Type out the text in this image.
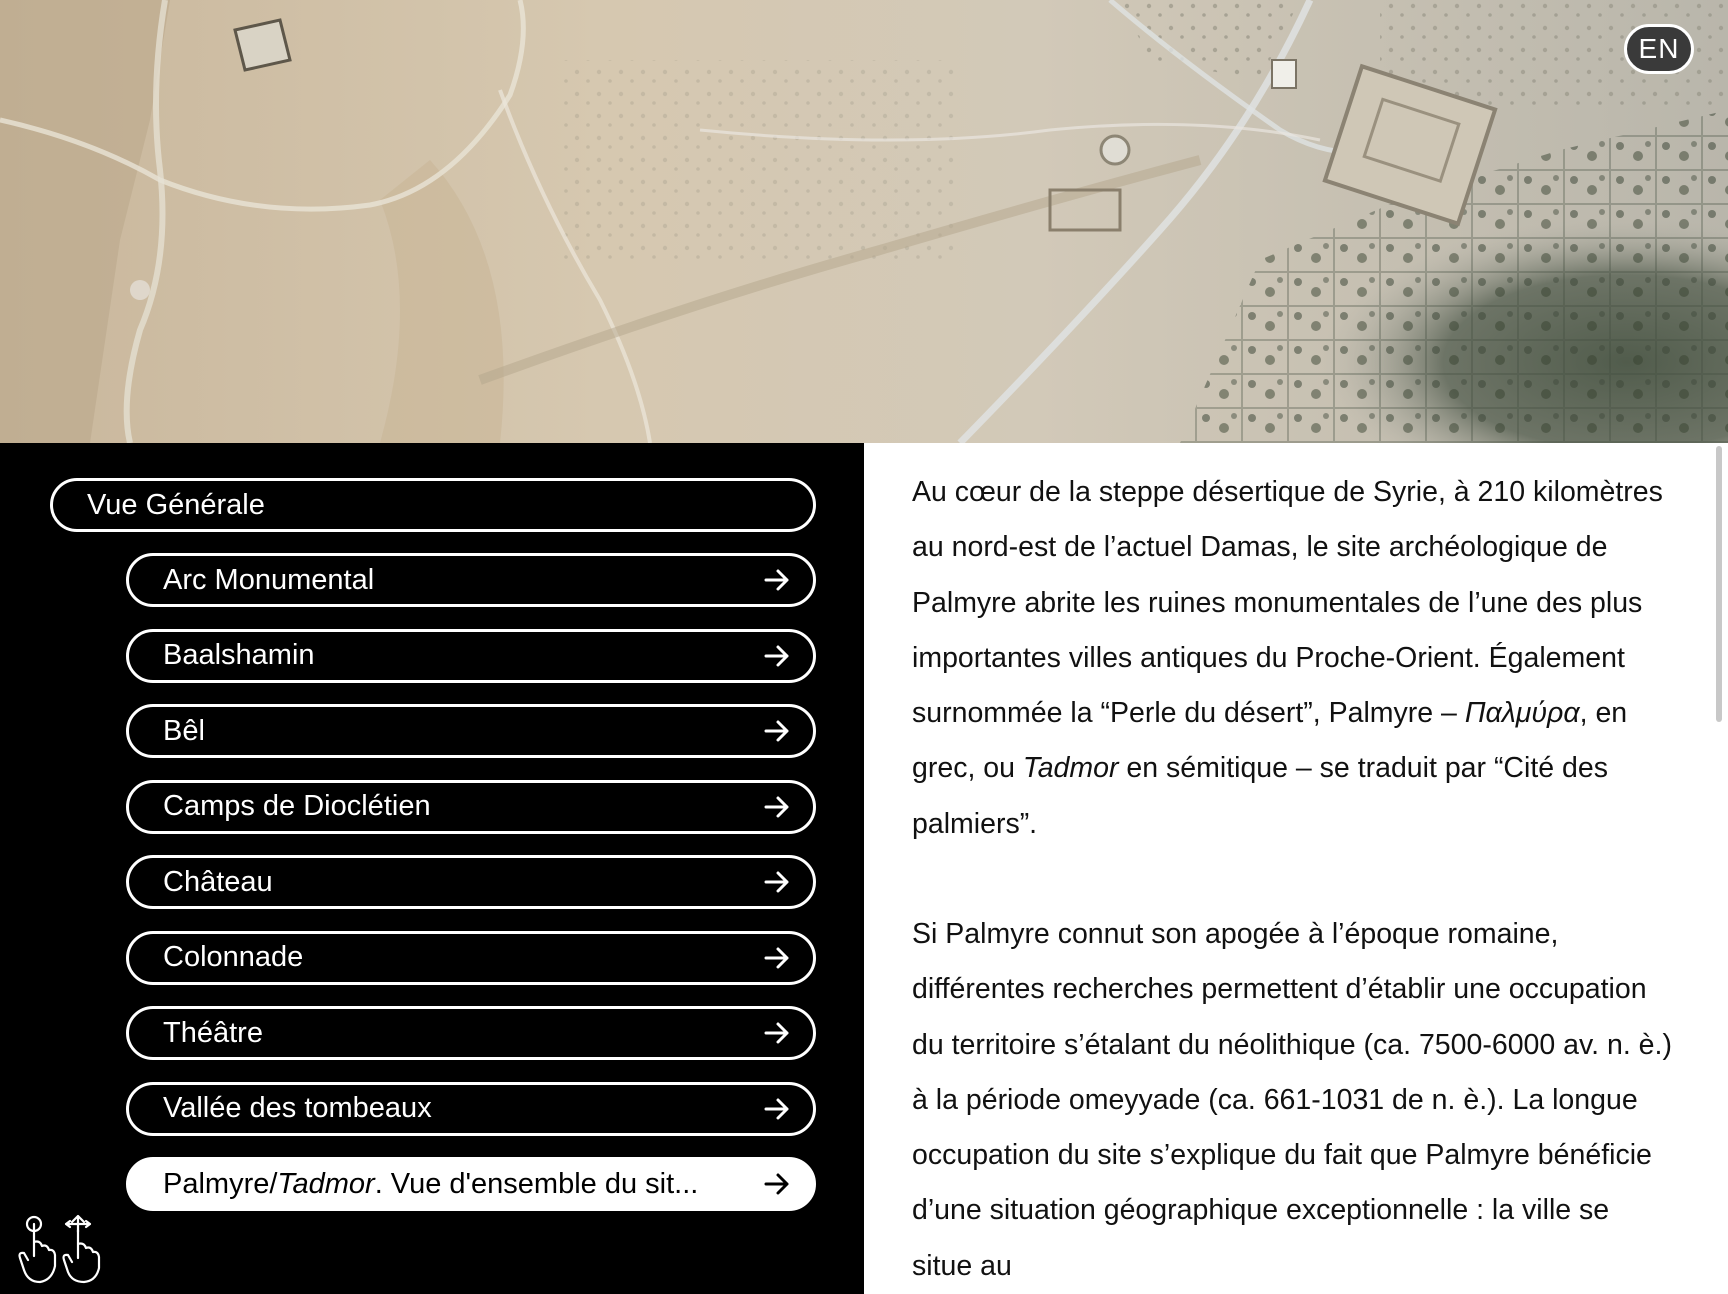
EN
Vue Générale
Arc Monumental
Baalshamin
Bêl
Camps de Dioclétien
Château
Colonnade
Théâtre
Vallée des tombeaux
Palmyre/Tadmor. Vue d'ensemble du sit...
Au cœur de la steppe désertique de Syrie, à 210 kilomètres au nord-est de l’actuel Damas, le site archéologique de Palmyre abrite les ruines monumentales de l’une des plus importantes villes antiques du Proche-Orient. Également surnommée la “Perle du désert”, Palmyre – Παλμύρα, en grec, ou Tadmor en sémitique – se traduit par “Cité des palmiers”.
Si Palmyre connut son apogée à l’époque romaine, différentes recherches permettent d’établir une occupation du territoire s’étalant du néolithique (ca. 7500-6000 av. n. è.) à la période omeyyade (ca. 661-1031 de n. è.). La longue occupation du site s’explique du fait que Palmyre bénéficie d’une situation géographique exceptionnelle : la ville se situe au
